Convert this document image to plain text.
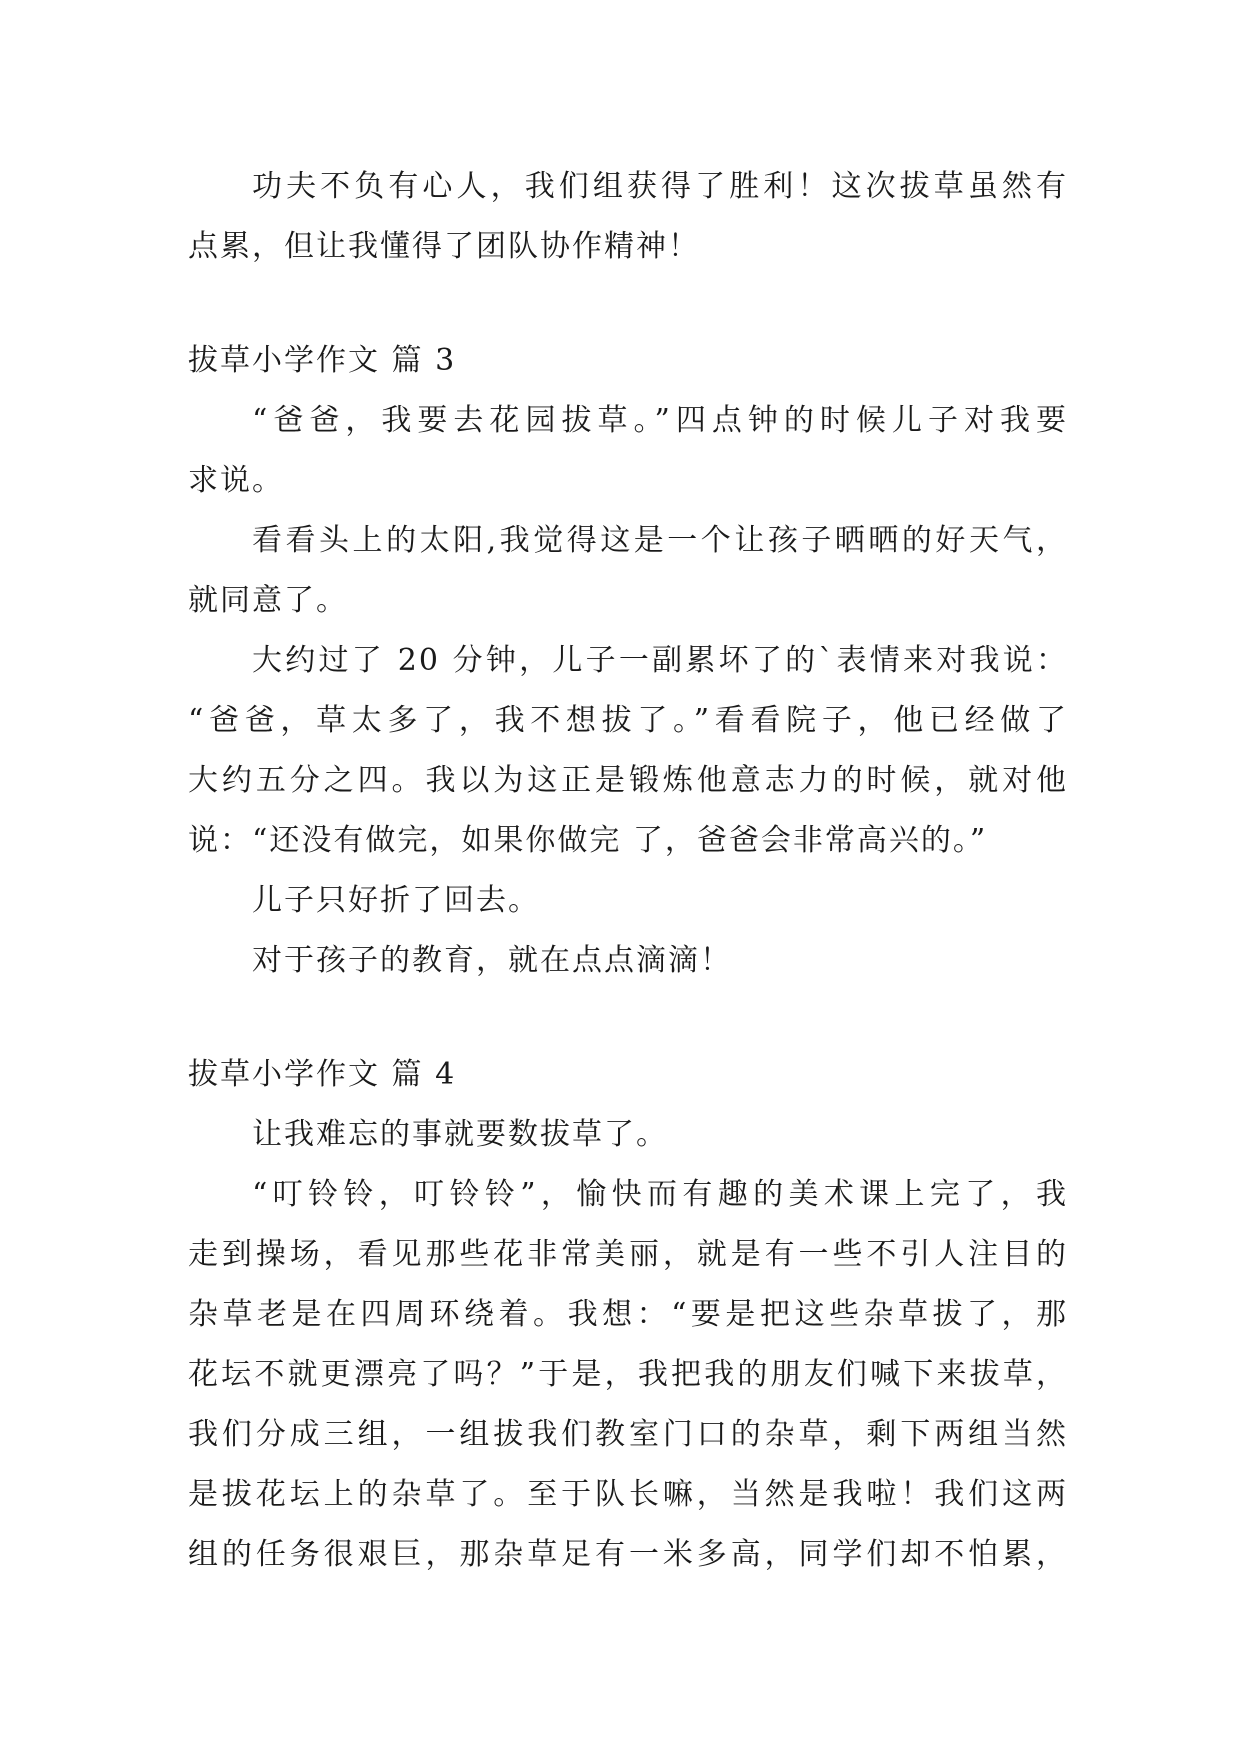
功夫不负有心人，我们组获得了胜利！这次拔草虽然有
点累，但让我懂得了团队协作精神！
拔草小学作文 篇 3
“爸爸，我要去花园拔草。”四点钟的时候儿子对我要
求说。
看看头上的太阳,我觉得这是一个让孩子晒晒的好天气，
就同意了。
大约过了 20 分钟，儿子一副累坏了的`表情来对我说：
“爸爸，草太多了，我不想拔了。”看看院子，他已经做了
大约五分之四。我以为这正是锻炼他意志力的时候，就对他
说：“还没有做完，如果你做完 了，爸爸会非常高兴的。”
儿子只好折了回去。
对于孩子的教育，就在点点滴滴！
拔草小学作文 篇 4
让我难忘的事就要数拔草了。
“叮铃铃，叮铃铃”，愉快而有趣的美术课上完了，我
走到操场，看见那些花非常美丽，就是有一些不引人注目的
杂草老是在四周环绕着。我想：“要是把这些杂草拔了，那
花坛不就更漂亮了吗？”于是，我把我的朋友们喊下来拔草，
我们分成三组，一组拔我们教室门口的杂草，剩下两组当然
是拔花坛上的杂草了。至于队长嘛，当然是我啦！我们这两
组的任务很艰巨，那杂草足有一米多高，同学们却不怕累，
